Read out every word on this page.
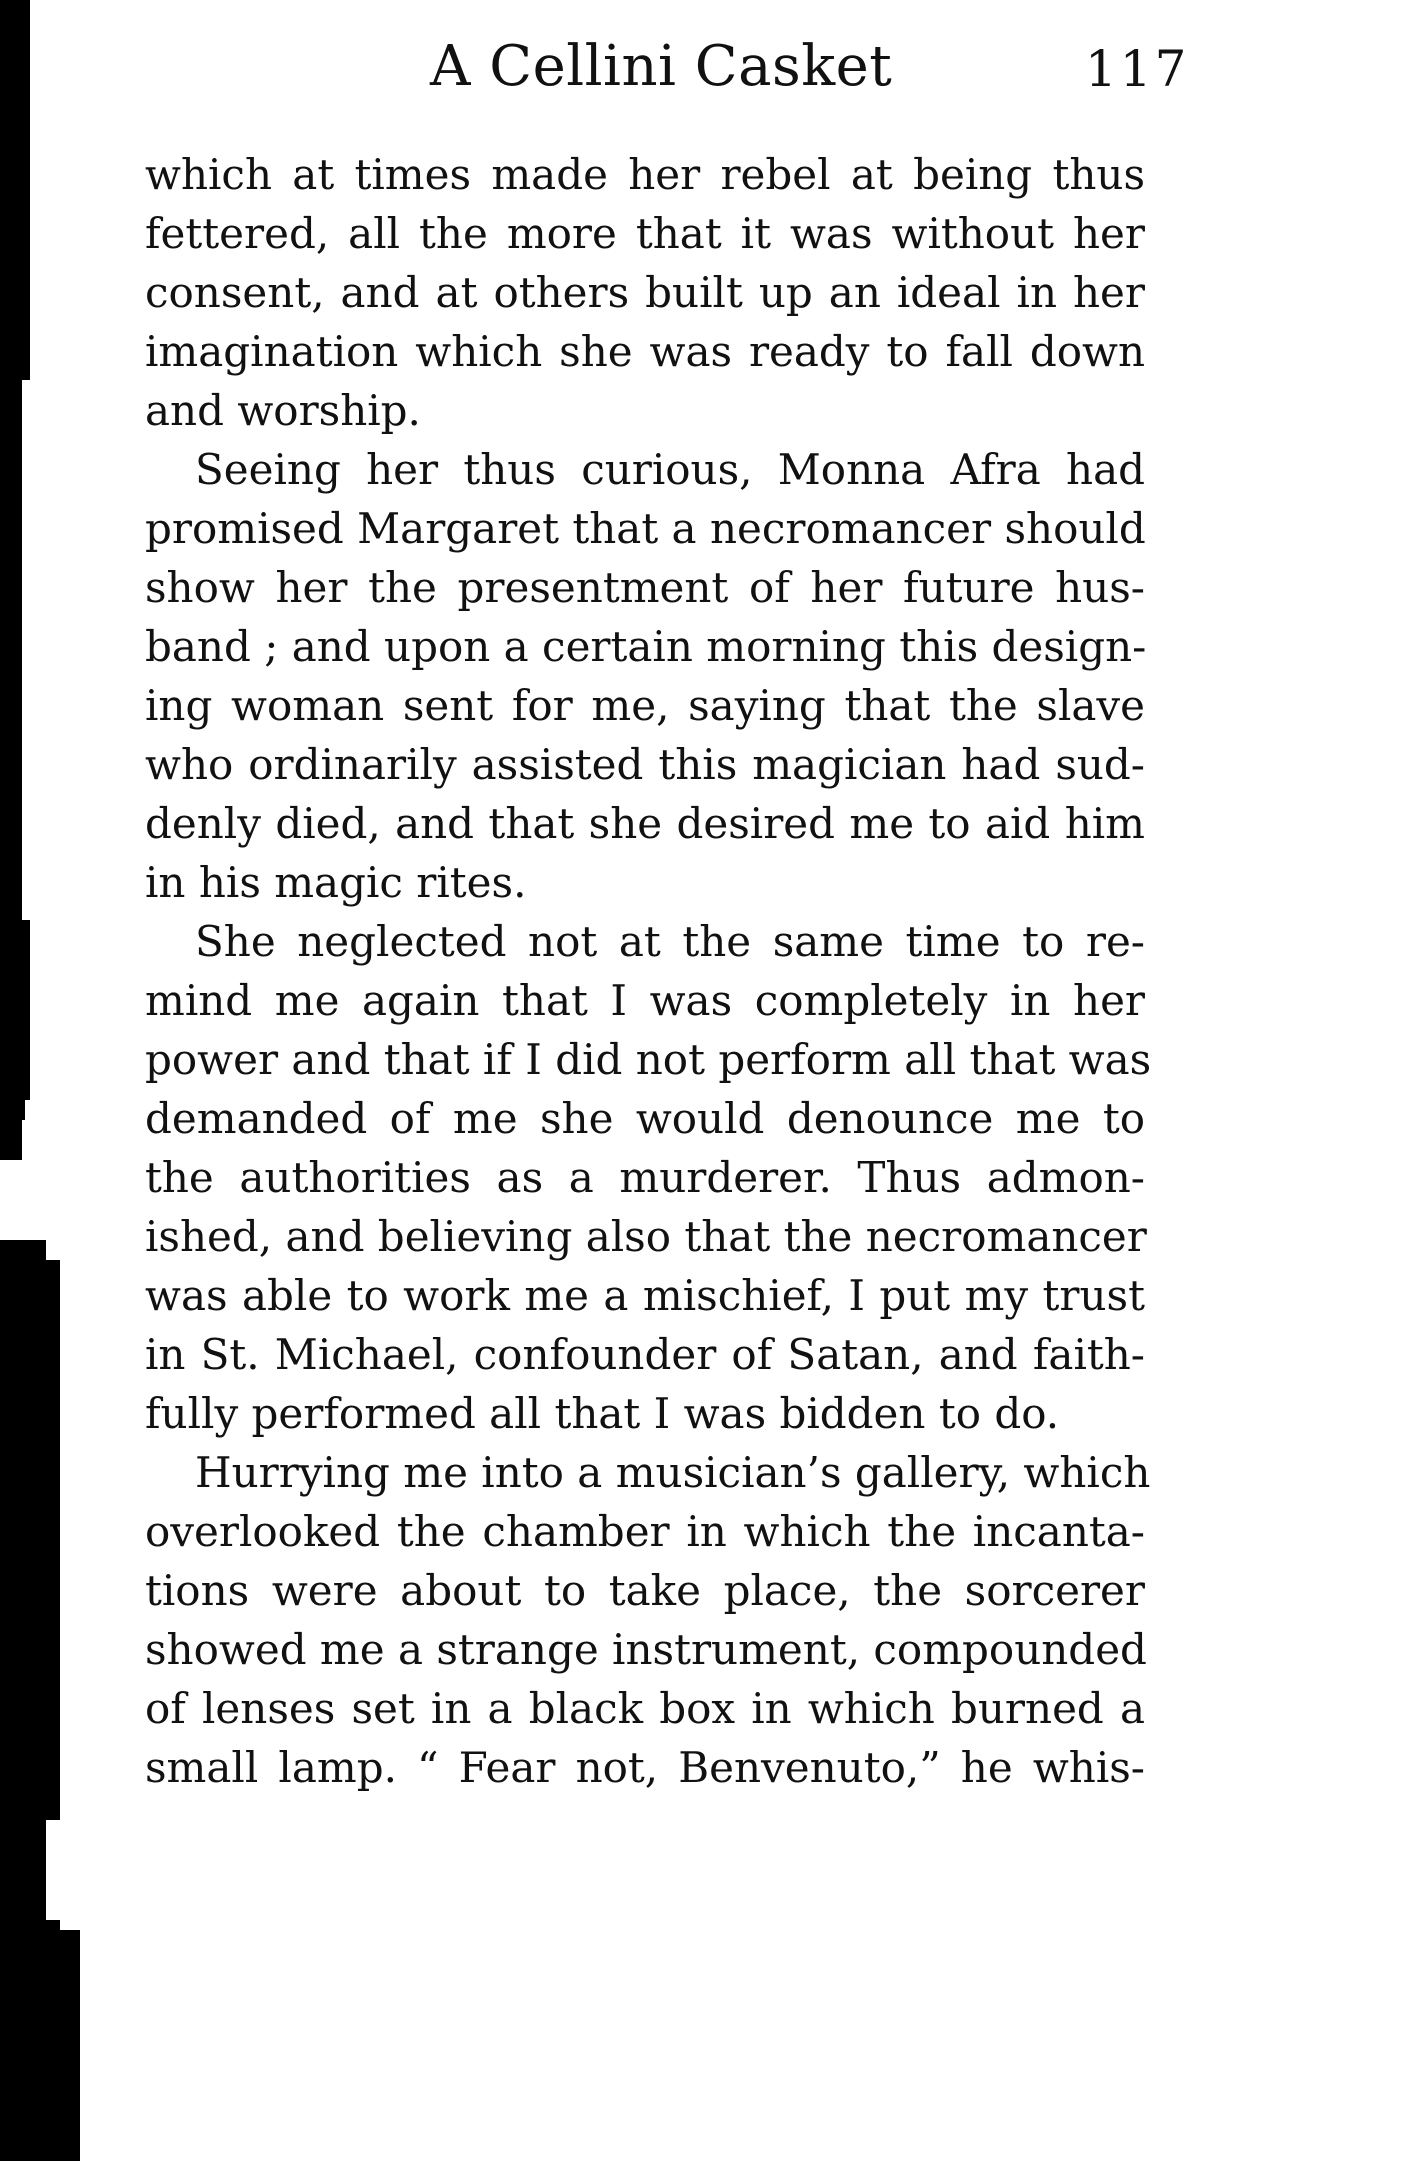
A Cellini Casket	117
which at times made her rebel at being thus
fettered, all the more that it was without her
consent, and at others built up an ideal in her
imagination which she was ready to fall down
and worship.
Seeing her thus curious, Monna Afra had
promised Margaret that a necromancer should
show her the presentment of her future hus-
band ; and upon a certain morning this design-
ing woman sent for me, saying that the slave
who ordinarily assisted this magician had sud-
denly died, and that she desired me to aid him
in his magic rites.
She neglected not at the same time to re-
mind me again that I was completely in her
power and that if I did not perform all that was
demanded of me she would denounce me to
the authorities as a murderer. Thus admon-
ished, and believing also that the necromancer
was able to work me a mischief, I put my trust
in St. Michael, confounder of Satan, and faith-
fully performed all that I was bidden to do.
Hurrying me into a musician’s gallery, which
overlooked the chamber in which the incanta-
tions were about to take place, the sorcerer
showed me a strange instrument, compounded
of lenses set in a black box in which burned a
small lamp. “ Fear not, Benvenuto,” he whis-
